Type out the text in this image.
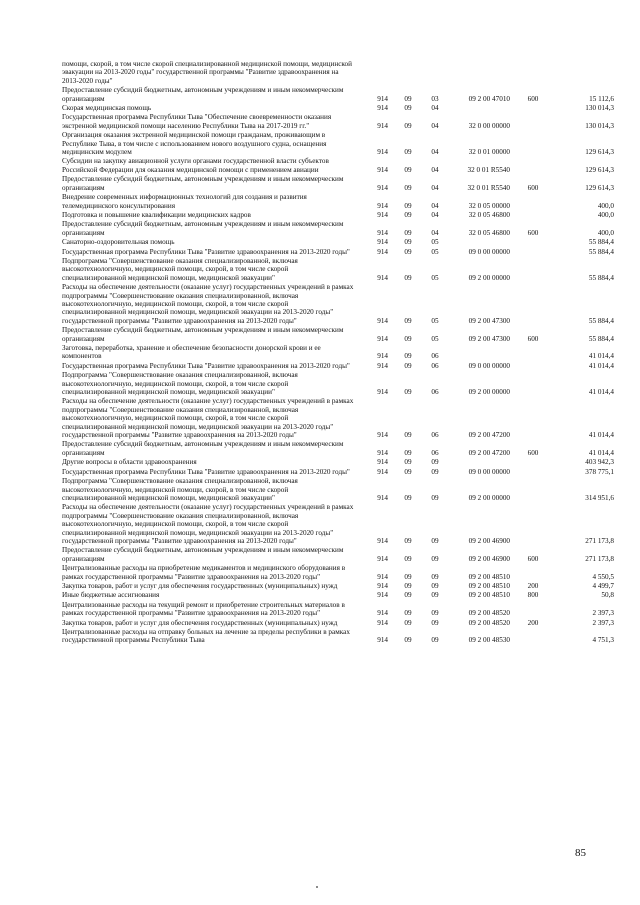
помощи, скорой, в том числе скорой специализированной медицинской помощи, медицинской эвакуации на 2013-2020 годы" государственной программы "Развитие здравоохранения на 2013-2020 годы"
Предоставление субсидий бюджетным, автономным учреждениям и иным некоммерческим организациям	914	09	03	09 2 00 47010	600	15 112,6
Скорая медицинская помощь	914	09	04	130 014,3
Государственная программа Республики Тыва "Обеспечение своевременности оказания экстренной медицинской помощи населению Республики Тыва на 2017-2019 гг."	914	09	04	32 0 00 00000	130 014,3
Организация оказания экстренной медицинской помощи гражданам, проживающим в Республике Тыва, в том числе с использованием нового воздушного судна, оснащения медицинским модулем	914	09	04	32 0 01 00000	129 614,3
Субсидии на закупку авиационной услуги органами государственной власти субъектов Российской Федерации для оказания медицинской помощи с применением авиации	914	09	04	32 0 01 R5540	129 614,3
Предоставление субсидий бюджетным, автономным учреждениям и иным некоммерческим организациям	914	09	04	32 0 01 R5540	600	129 614,3
Внедрение современных информационных технологий для создания и развития телемедицинского консультирования	914	09	04	32 0 05 00000	400,0
Подготовка и повышение квалификации медицинских кадров	914	09	04	32 0 05 46800	400,0
Предоставление субсидий бюджетным, автономным учреждениям и иным некоммерческим организациям	914	09	04	32 0 05 46800	600	400,0
Санаторно-оздоровительная помощь	914	09	05	55 884,4
Государственная программа Республики Тыва "Развитие здравоохранения на 2013-2020 годы"	914	09	05	09 0 00 00000	55 884,4
Подпрограмма "Совершенствование оказания специализированной, включая высокотехнологичную, медицинской помощи, скорой, в том числе скорой специализированной медицинской помощи, медицинской эвакуации"	914	09	05	09 2 00 00000	55 884,4
Расходы на обеспечение деятельности (оказание услуг) государственных учреждений в рамках подпрограммы "Совершенствование оказания специализированной, включая высокотехнологичную, медицинской помощи, скорой, в том числе скорой специализированной медицинской помощи, медицинской эвакуации на 2013-2020 годы" государственной программы "Развитие здравоохранения на 2013-2020 годы"	914	09	05	09 2 00 47300	55 884,4
Предоставление субсидий бюджетным, автономным учреждениям и иным некоммерческим организациям	914	09	05	09 2 00 47300	600	55 884,4
Заготовка, переработка, хранение и обеспечение безопасности донорской крови и ее компонентов	914	09	06	41 014,4
Государственная программа Республики Тыва "Развитие здравоохранения на 2013-2020 годы"	914	09	06	09 0 00 00000	41 014,4
Подпрограмма "Совершенствование оказания специализированной, включая высокотехнологичную, медицинской помощи, скорой, в том числе скорой специализированной медицинской помощи, медицинской эвакуации"	914	09	06	09 2 00 00000	41 014,4
Расходы на обеспечение деятельности (оказание услуг) государственных учреждений в рамках подпрограммы "Совершенствование оказания специализированной, включая высокотехнологичную, медицинской помощи, скорой, в том числе скорой специализированной медицинской помощи, медицинской эвакуации на 2013-2020 годы" государственной программы "Развитие здравоохранения на 2013-2020 годы"	914	09	06	09 2 00 47200	41 014,4
Предоставление субсидий бюджетным, автономным учреждениям и иным некоммерческим организациям	914	09	06	09 2 00 47200	600	41 014,4
Другие вопросы в области здравоохранения	914	09	09	403 942,3
Государственная программа Республики Тыва "Развитие здравоохранения на 2013-2020 годы"	914	09	09	09 0 00 00000	378 775,1
Подпрограмма "Совершенствование оказания специализированной, включая высокотехнологичную, медицинской помощи, скорой, в том числе скорой специализированной медицинской помощи, медицинской эвакуации"	914	09	09	09 2 00 00000	314 951,6
Расходы на обеспечение деятельности (оказание услуг) государственных учреждений в рамках подпрограммы "Совершенствование оказания специализированной, включая высокотехнологичную, медицинской помощи, скорой, в том числе скорой специализированной медицинской помощи, медицинской эвакуации на 2013-2020 годы" государственной программы "Развитие здравоохранения на 2013-2020 годы"	914	09	09	09 2 00 46900	271 173,8
Предоставление субсидий бюджетным, автономным учреждениям и иным некоммерческим организациям	914	09	09	09 2 00 46900	600	271 173,8
Централизованные расходы на приобретение медикаментов и медицинского оборудования в рамках государственной программы "Развитие здравоохранения на 2013-2020 годы"	914	09	09	09 2 00 48510	4 550,5
Закупка товаров, работ и услуг для обеспечения государственных (муниципальных) нужд	914	09	09	09 2 00 48510	200	4 499,7
Иные бюджетные ассигнования	914	09	09	09 2 00 48510	800	50,8
Централизованные расходы на текущий ремонт и приобретение строительных материалов в рамках государственной программы "Развитие здравоохранения на 2013-2020 годы"	914	09	09	09 2 00 48520	2 397,3
Закупка товаров, работ и услуг для обеспечения государственных (муниципальных) нужд	914	09	09	09 2 00 48520	200	2 397,3
Централизованные расходы на отправку больных на лечение за пределы республики в рамках государственной программы Республики Тыва	914	09	09	09 2 00 48530	4 751,3
85
